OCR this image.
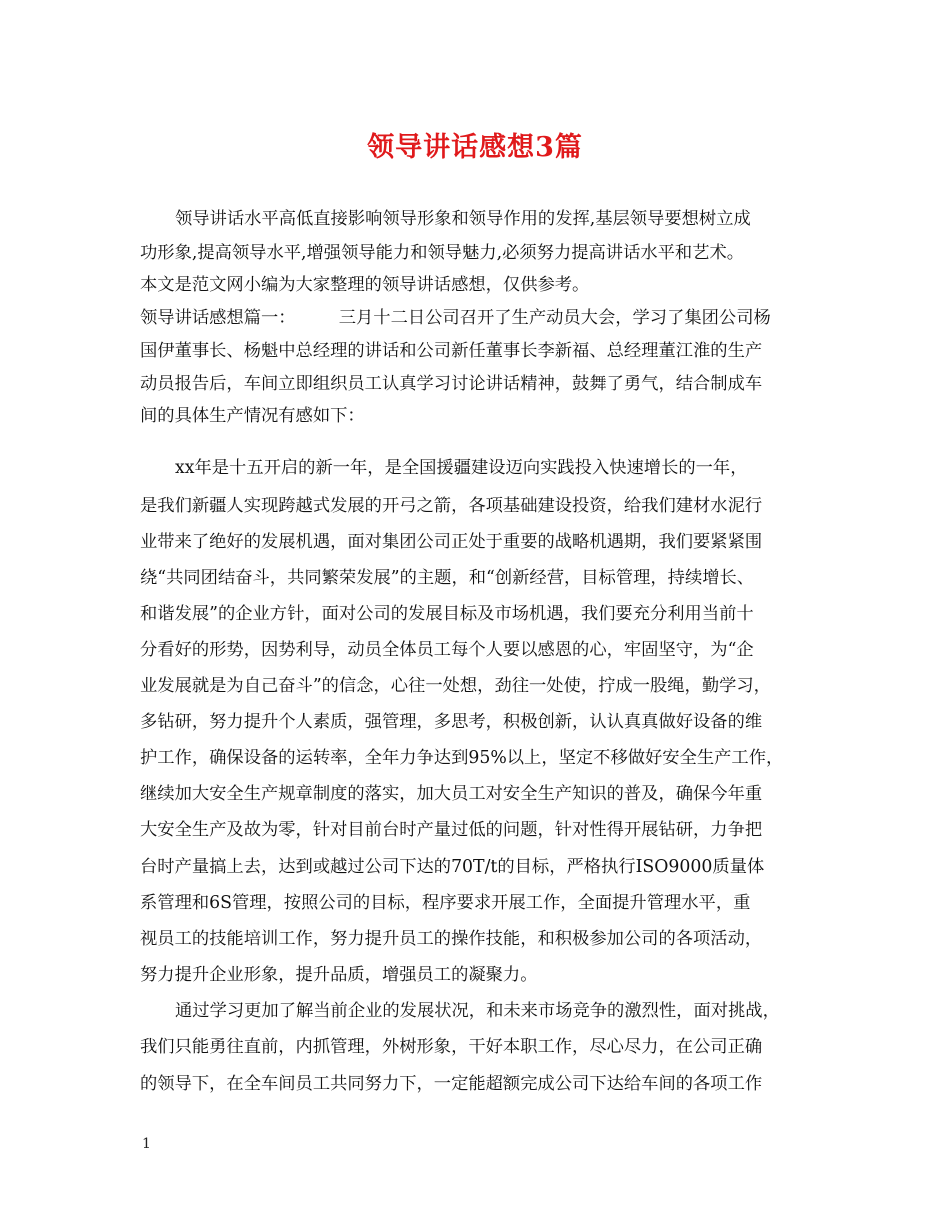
领导讲话感想3篇
领导讲话水平高低直接影响领导形象和领导作用的发挥,基层领导要想树立成
功形象,提高领导水平,增强领导能力和领导魅力,必须努力提高讲话水平和艺术。
本文是范文网小编为大家整理的领导讲话感想，仅供参考。
领导讲话感想篇一：　　　三月十二日公司召开了生产动员大会，学习了集团公司杨
国伊董事长、杨魁中总经理的讲话和公司新任董事长李新福、总经理董江淮的生产
动员报告后，车间立即组织员工认真学习讨论讲话精神，鼓舞了勇气，结合制成车
间的具体生产情况有感如下：
xx年是十五开启的新一年，是全国援疆建设迈向实践投入快速增长的一年，
是我们新疆人实现跨越式发展的开弓之箭，各项基础建设投资，给我们建材水泥行
业带来了绝好的发展机遇，面对集团公司正处于重要的战略机遇期，我们要紧紧围
绕“共同团结奋斗，共同繁荣发展”的主题，和“创新经营，目标管理，持续增长、
和谐发展”的企业方针，面对公司的发展目标及市场机遇，我们要充分利用当前十
分看好的形势，因势利导，动员全体员工每个人要以感恩的心，牢固坚守，为“企
业发展就是为自己奋斗”的信念，心往一处想，劲往一处使，拧成一股绳，勤学习，
多钻研，努力提升个人素质，强管理，多思考，积极创新，认认真真做好设备的维
护工作，确保设备的运转率，全年力争达到95%以上，坚定不移做好安全生产工作，
继续加大安全生产规章制度的落实，加大员工对安全生产知识的普及，确保今年重
大安全生产及故为零，针对目前台时产量过低的问题，针对性得开展钻研，力争把
台时产量搞上去，达到或越过公司下达的70T/t的目标，严格执行ISO9000质量体
系管理和6S管理，按照公司的目标，程序要求开展工作，全面提升管理水平，重
视员工的技能培训工作，努力提升员工的操作技能，和积极参加公司的各项活动，
努力提升企业形象，提升品质，增强员工的凝聚力。
通过学习更加了解当前企业的发展状况，和未来市场竞争的激烈性，面对挑战，
我们只能勇往直前，内抓管理，外树形象，干好本职工作，尽心尽力，在公司正确
的领导下，在全车间员工共同努力下，一定能超额完成公司下达给车间的各项工作
1
